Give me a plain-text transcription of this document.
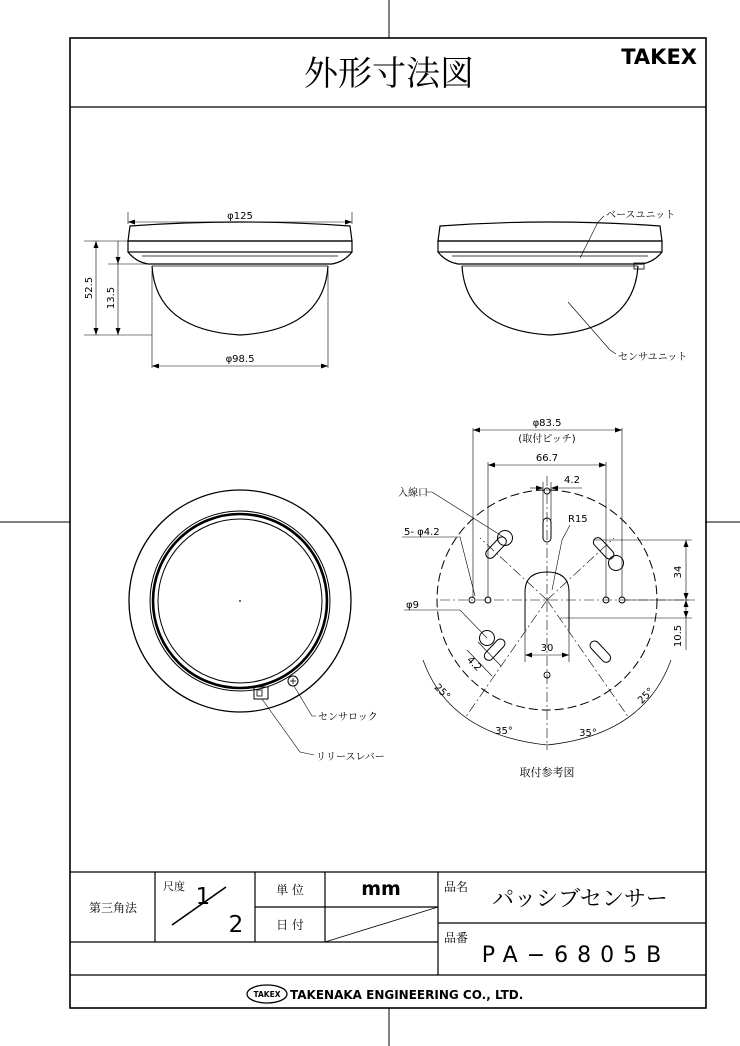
外形寸法図	TAKEX
φ125
φ98.5
52.5 13.5
ベースユニット
センサユニット
センサロック
リリースレバー
φ83.5
(取付ピッチ)
66.7
4.2
R15
入線口
5- φ4.2
φ9
34
10.5
30
4.2
25°
35°	35°
25°
取付参考図
第三角法
尺度 1
2
単 位	mm
日 付
品名 パッシブセンサー
品番
PA−6805B
TAKEX TAKENAKA ENGINEERING CO., LTD.
